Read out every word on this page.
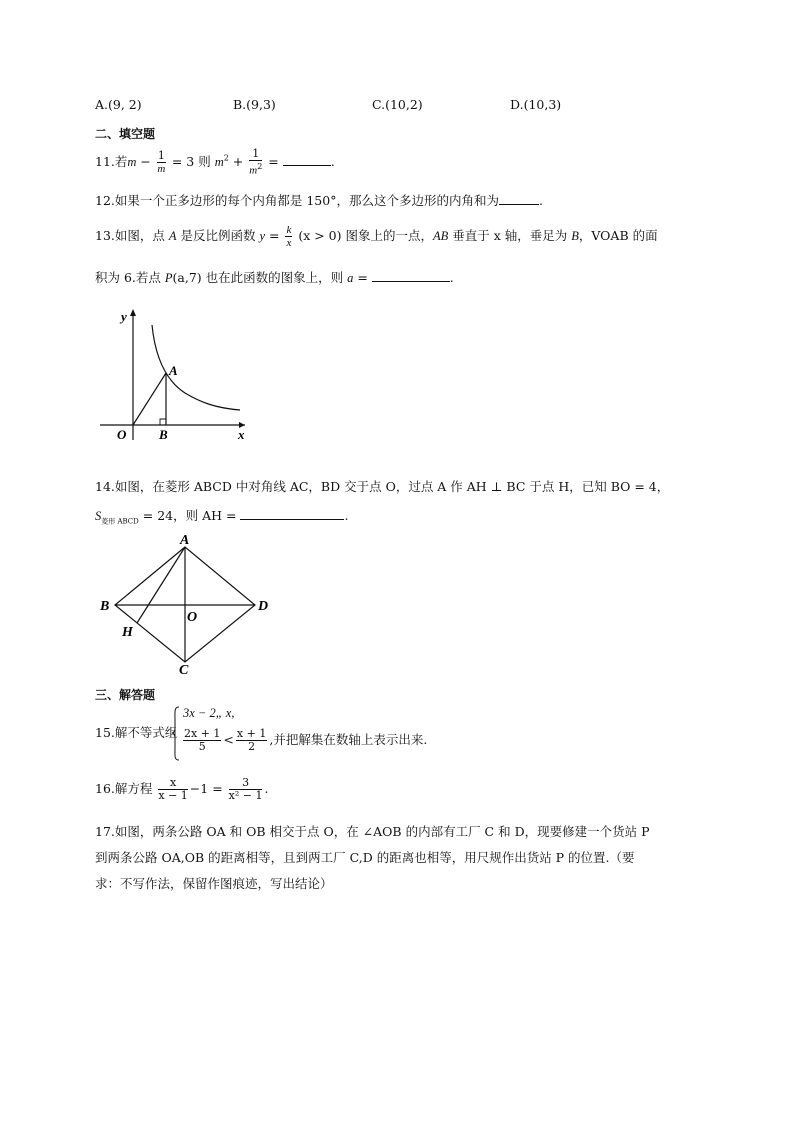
A.(9, 2)	B.(9,3)	C.(10,2)	D.(10,3)
二、填空题
11.若$m - \frac{1}{m} = 3$ 则 $m^2 + \frac{1}{m^2}$ =	.
12.如果一个正多边形的每个内角都是 150°，那么这个多边形的内角和为	.
13.如图，点 A 是反比例函数 $y = \frac{k}{x} (x > 0)$ 图象上的一点，AB 垂直于 x 轴，垂足为 B，VOAB 的面
积为 6.若点 P(a,7) 也在此函数的图象上，则 a =	.
y
A
O	B	x
14.如图，在菱形 ABCD 中对角线 AC，BD 交于点 O，过点 A 作 AH ⊥ BC 于点 H，已知 BO = 4，
$S_{菱形 ABCD} = 24$，则 AH =	.
A
B
O
D
H
C
三、解答题
15.解不等式组
3x − 2„ x,
$\frac{2x + 1}{5} < \frac{x + 1}{2}$ ,并把解集在数轴上表示出来.
16.解方程 $\frac{x}{x - 1} -1 = \frac{3}{\text{x² − 1}}$ .
17.如图，两条公路 OA 和 OB 相交于点 O，在 ∠AOB 的内部有工厂 C 和 D，现要修建一个货站 P
到两条公路 OA,OB 的距离相等，且到两工厂 C,D 的距离也相等，用尺规作出货站 P 的位置.（要
求：不写作法，保留作图痕迹，写出结论）
